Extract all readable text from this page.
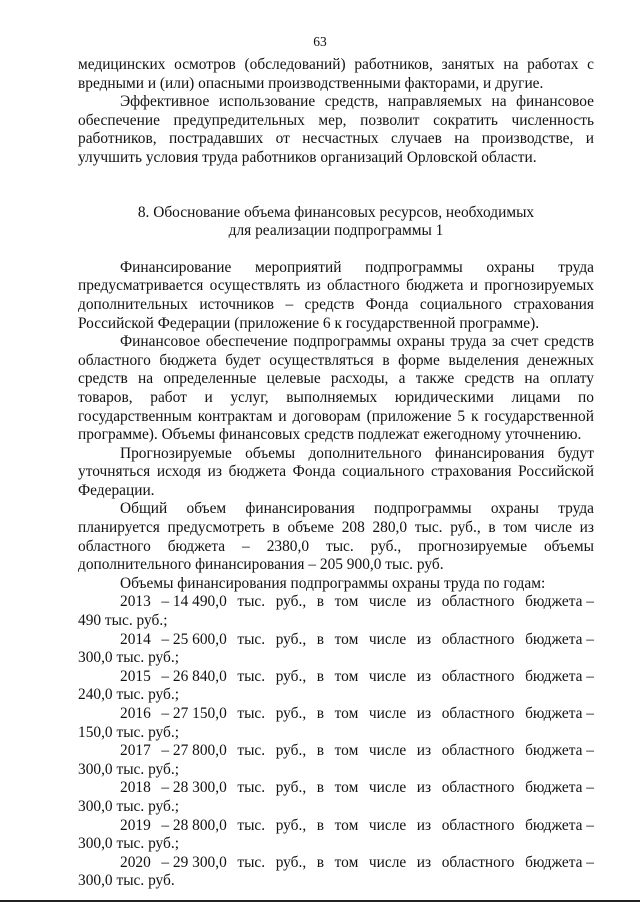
63

медицинских осмотров (обследований) работников, занятых на работах с вредными и (или) опасными производственными факторами, и другие.

Эффективное использование средств, направляемых на финансовое обеспечение предупредительных мер, позволит сократить численность работников, пострадавших от несчастных случаев на производстве, и улучшить условия труда работников организаций Орловской области.

8. Обоснование объема финансовых ресурсов, необходимых

для реализации подпрограммы 1

Финансирование мероприятий подпрограммы охраны труда предусматривается осуществлять из областного бюджета и прогнозируемых дополнительных источников – средств Фонда социального страхования Российской Федерации (приложение 6 к государственной программе).

Финансовое обеспечение подпрограммы охраны труда за счет средств областного бюджета будет осуществляться в форме выделения денежных средств на определенные целевые расходы, а также средств на оплату товаров, работ и услуг, выполняемых юридическими лицами по государственным контрактам и договорам (приложение 5 к государственной программе). Объемы финансовых средств подлежат ежегодному уточнению.

Прогнозируемые объемы дополнительного финансирования будут уточняться исходя из бюджета Фонда социального страхования Российской Федерации.

Общий объем финансирования подпрограммы охраны труда планируется предусмотреть в объеме 208 280,0 тыс. руб., в том числе из областного бюджета – 2380,0 тыс. руб., прогнозируемые объемы дополнительного финансирования – 205 900,0 тыс. руб.

Объемы финансирования подпрограммы охраны труда по годам:

2013 – 14 490,0 тыс. руб., в том числе из областного бюджета –
490 тыс. руб.;
2014 – 25 600,0 тыс. руб., в том числе из областного бюджета –
300,0 тыс. руб.;
2015 – 26 840,0 тыс. руб., в том числе из областного бюджета –
240,0 тыс. руб.;
2016 – 27 150,0 тыс. руб., в том числе из областного бюджета –
150,0 тыс. руб.;
2017 – 27 800,0 тыс. руб., в том числе из областного бюджета –
300,0 тыс. руб.;
2018 – 28 300,0 тыс. руб., в том числе из областного бюджета –
300,0 тыс. руб.;
2019 – 28 800,0 тыс. руб., в том числе из областного бюджета –
300,0 тыс. руб.;
2020 – 29 300,0 тыс. руб., в том числе из областного бюджета –
300,0 тыс. руб.
